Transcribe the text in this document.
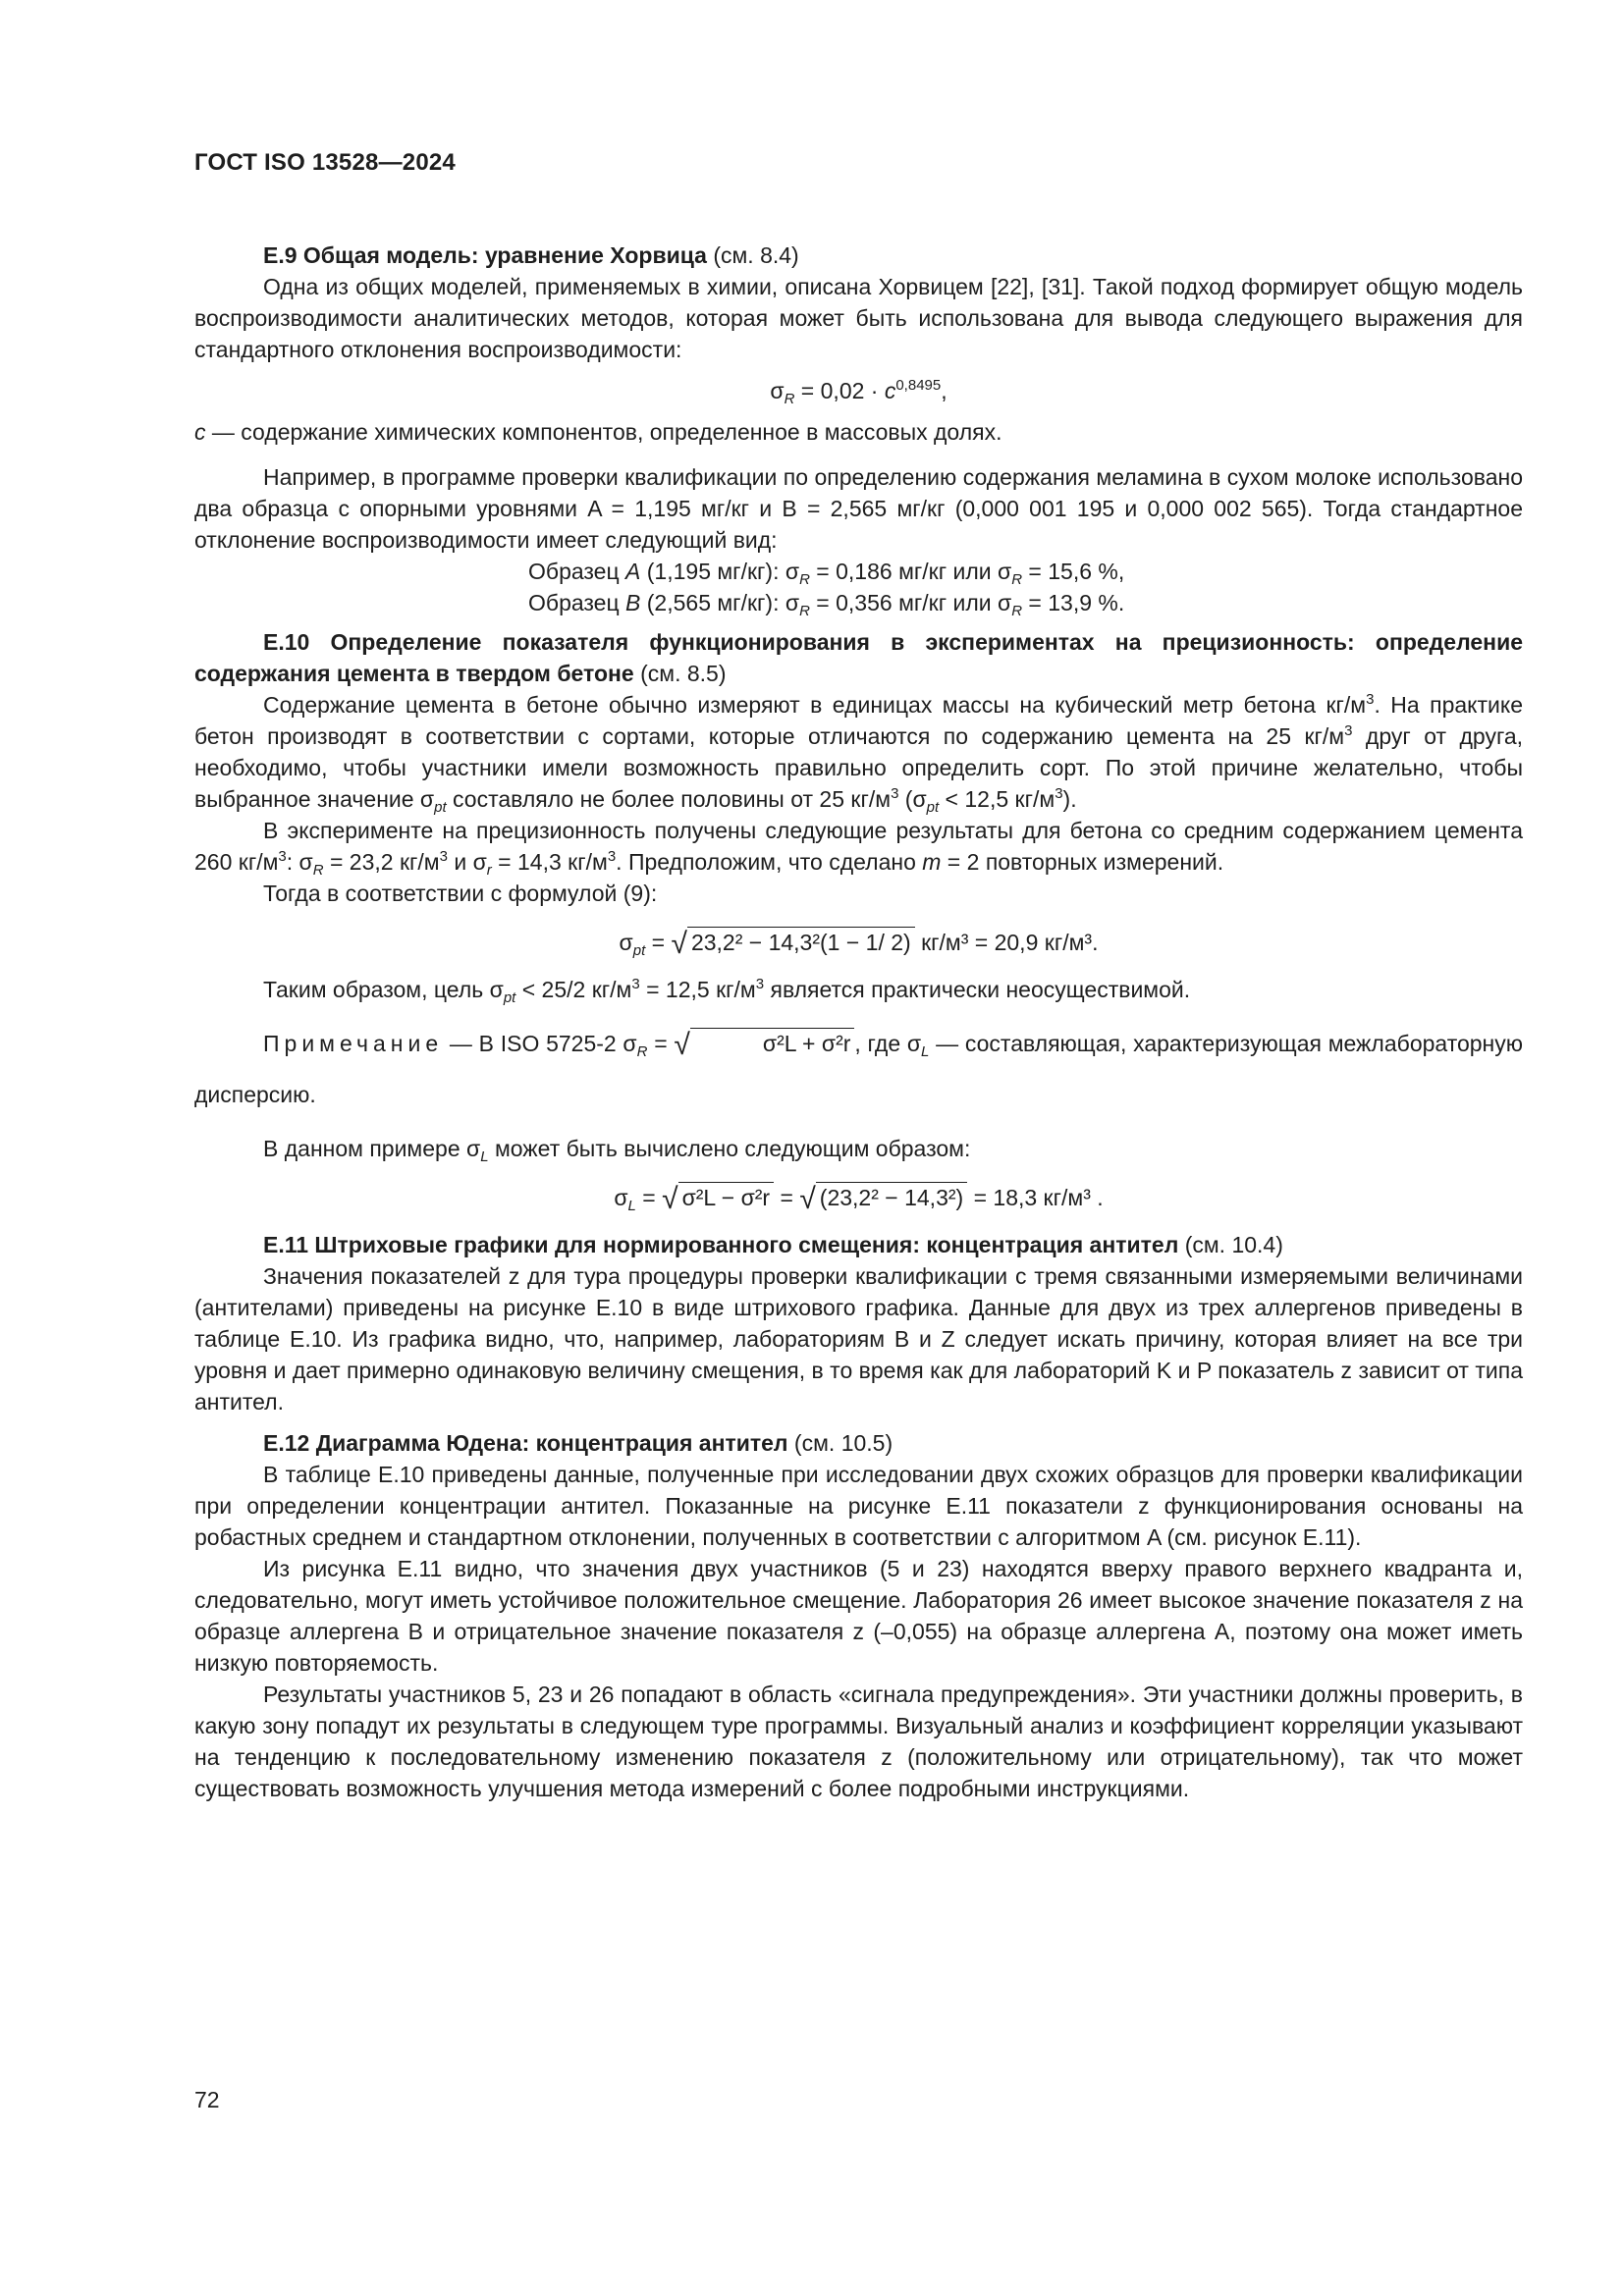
ГОСТ ISO 13528—2024

Е.9 Общая модель: уравнение Хорвица (см. 8.4)

Одна из общих моделей, применяемых в химии, описана Хорвицем [22], [31]. Такой подход формирует общую модель воспроизводимости аналитических методов, которая может быть использована для вывода следующего выражения для стандартного отклонения воспроизводимости:

$\sigma_R = 0,02 \cdot c^{0,8495}$,

c — содержание химических компонентов, определенное в массовых долях.

Например, в программе проверки квалификации по определению содержания меламина в сухом молоке использовано два образца с опорными уровнями A = 1,195 мг/кг и B = 2,565 мг/кг (0,000 001 195 и 0,000 002 565). Тогда стандартное отклонение воспроизводимости имеет следующий вид:

Образец A (1,195 мг/кг): $\sigma_R = 0,186$ мг/кг или $\sigma_R = 15,6$ %,

Образец B (2,565 мг/кг): $\sigma_R = 0,356$ мг/кг или $\sigma_R = 13,9$ %.

Е.10 Определение показателя функционирования в экспериментах на прецизионность: определение содержания цемента в твердом бетоне (см. 8.5)

Содержание цемента в бетоне обычно измеряют в единицах массы на кубический метр бетона $кг/м^3$. На практике бетон производят в соответствии с сортами, которые отличаются по содержанию цемента на 25 $кг/м^3$ друг от друга, необходимо, чтобы участники имели возможность правильно определить сорт. По этой причине желательно, чтобы выбранное значение $\sigma_{pt}$ составляло не более половины от 25 $кг/м^3$ ($\sigma_{pt} < 12,5$ $кг/м^3$).

В эксперименте на прецизионность получены следующие результаты для бетона со средним содержанием цемента 260 $кг/м^3$: $\sigma_R = 23,2$ $кг/м^3$ и $\sigma_r = 14,3$ $кг/м^3$. Предположим, что сделано m = 2 повторных измерений.

Тогда в соответствии с формулой (9):

$\sigma_{pt}$ = √ 23,2² − 14,3²(1 − 1/ 2) кг/м³ = 20,9 кг/м³.

Таким образом, цель $\sigma_{pt} < 25/2$ $кг/м^3 = 12,5$ $кг/м^3$ является практически неосуществимой.

Примечание — В ISO 5725-2 $\sigma_R$ = √	σ²L + σ²r , где $\sigma_L$ — составляющая, характеризующая межлабораторную дисперсию.

В данном примере $\sigma_L$ может быть вычислено следующим образом:

$\sigma_L$ = √ σ²L − σ²r = √ (23,2² − 14,3²) = 18,3 кг/м³ .

Е.11 Штриховые графики для нормированного смещения: концентрация антител (см. 10.4)

Значения показателей z для тура процедуры проверки квалификации с тремя связанными измеряемыми величинами (антителами) приведены на рисунке Е.10 в виде штрихового графика. Данные для двух из трех аллергенов приведены в таблице Е.10. Из графика видно, что, например, лабораториям B и Z следует искать причину, которая влияет на все три уровня и дает примерно одинаковую величину смещения, в то время как для лабораторий K и P показатель z зависит от типа антител.

Е.12 Диаграмма Юдена: концентрация антител (см. 10.5)

В таблице Е.10 приведены данные, полученные при исследовании двух схожих образцов для проверки квалификации при определении концентрации антител. Показанные на рисунке Е.11 показатели z функционирования основаны на робастных среднем и стандартном отклонении, полученных в соответствии с алгоритмом A (см. рисунок Е.11).

Из рисунка Е.11 видно, что значения двух участников (5 и 23) находятся вверху правого верхнего квадранта и, следовательно, могут иметь устойчивое положительное смещение. Лаборатория 26 имеет высокое значение показателя z на образце аллергена B и отрицательное значение показателя z (–0,055) на образце аллергена A, поэтому она может иметь низкую повторяемость.

Результаты участников 5, 23 и 26 попадают в область «сигнала предупреждения». Эти участники должны проверить, в какую зону попадут их результаты в следующем туре программы. Визуальный анализ и коэффициент корреляции указывают на тенденцию к последовательному изменению показателя z (положительному или отрицательному), так что может существовать возможность улучшения метода измерений с более подробными инструкциями.

72
